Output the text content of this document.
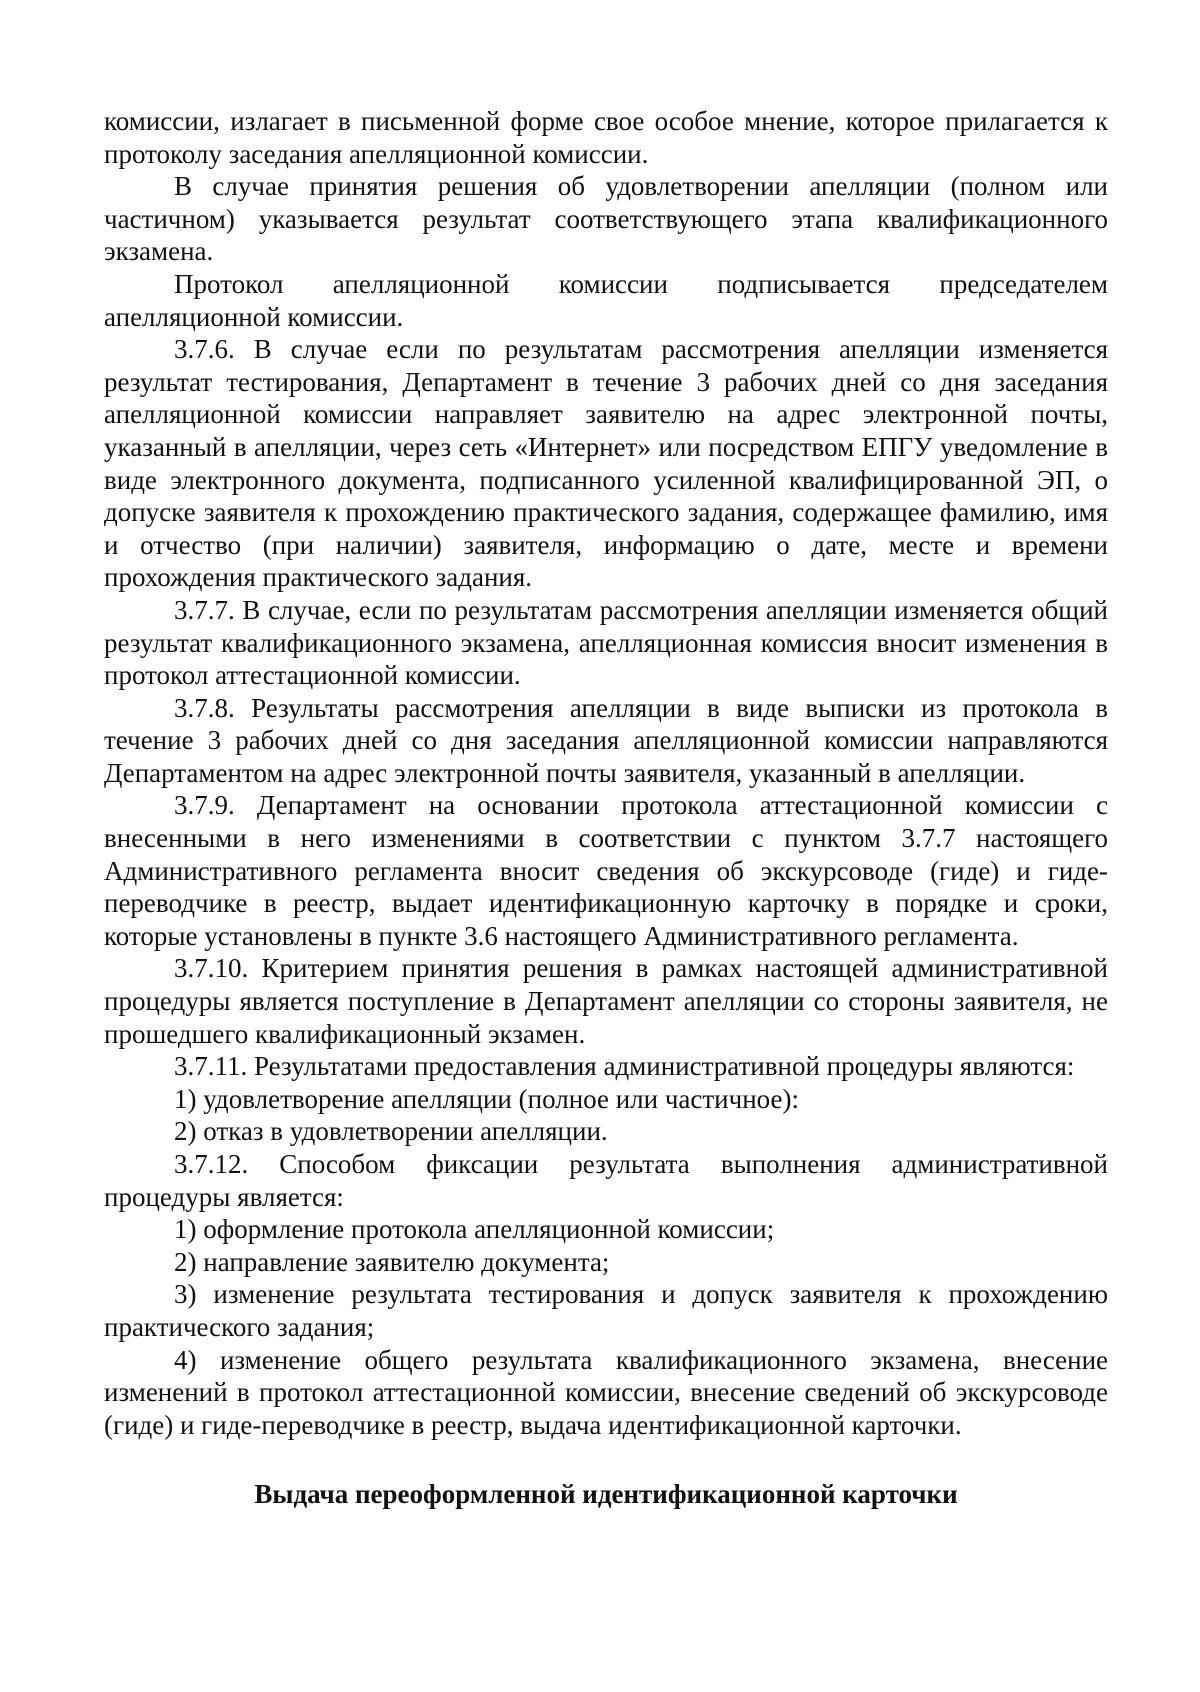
комиссии, излагает в письменной форме свое особое мнение, которое прилагается к протоколу заседания апелляционной комиссии.

В случае принятия решения об удовлетворении апелляции (полном или частичном) указывается результат соответствующего этапа квалификационного экзамена.

Протокол апелляционной комиссии подписывается председателем апелляционной комиссии.

3.7.6. В случае если по результатам рассмотрения апелляции изменяется результат тестирования, Департамент в течение 3 рабочих дней со дня заседания апелляционной комиссии направляет заявителю на адрес электронной почты, указанный в апелляции, через сеть «Интернет» или посредством ЕПГУ уведомление в виде электронного документа, подписанного усиленной квалифицированной ЭП, о допуске заявителя к прохождению практического задания, содержащее фамилию, имя и отчество (при наличии) заявителя, информацию о дате, месте и времени прохождения практического задания.

3.7.7. В случае, если по результатам рассмотрения апелляции изменяется общий результат квалификационного экзамена, апелляционная комиссия вносит изменения в протокол аттестационной комиссии.

3.7.8. Результаты рассмотрения апелляции в виде выписки из протокола в течение 3 рабочих дней со дня заседания апелляционной комиссии направляются Департаментом на адрес электронной почты заявителя, указанный в апелляции.

3.7.9. Департамент на основании протокола аттестационной комиссии с внесенными в него изменениями в соответствии с пунктом 3.7.7 настоящего Административного регламента вносит сведения об экскурсоводе (гиде) и гиде-переводчике в реестр, выдает идентификационную карточку в порядке и сроки, которые установлены в пункте 3.6 настоящего Административного регламента.

3.7.10. Критерием принятия решения в рамках настоящей административной процедуры является поступление в Департамент апелляции со стороны заявителя, не прошедшего квалификационный экзамен.

3.7.11. Результатами предоставления административной процедуры являются:

1) удовлетворение апелляции (полное или частичное):

2) отказ в удовлетворении апелляции.

3.7.12. Способом фиксации результата выполнения административной процедуры является:

1) оформление протокола апелляционной комиссии;

2) направление заявителю документа;

3) изменение результата тестирования и допуск заявителя к прохождению практического задания;

4) изменение общего результата квалификационного экзамена, внесение изменений в протокол аттестационной комиссии, внесение сведений об экскурсоводе (гиде) и гиде-переводчике в реестр, выдача идентификационной карточки.

Выдача переоформленной идентификационной карточки
